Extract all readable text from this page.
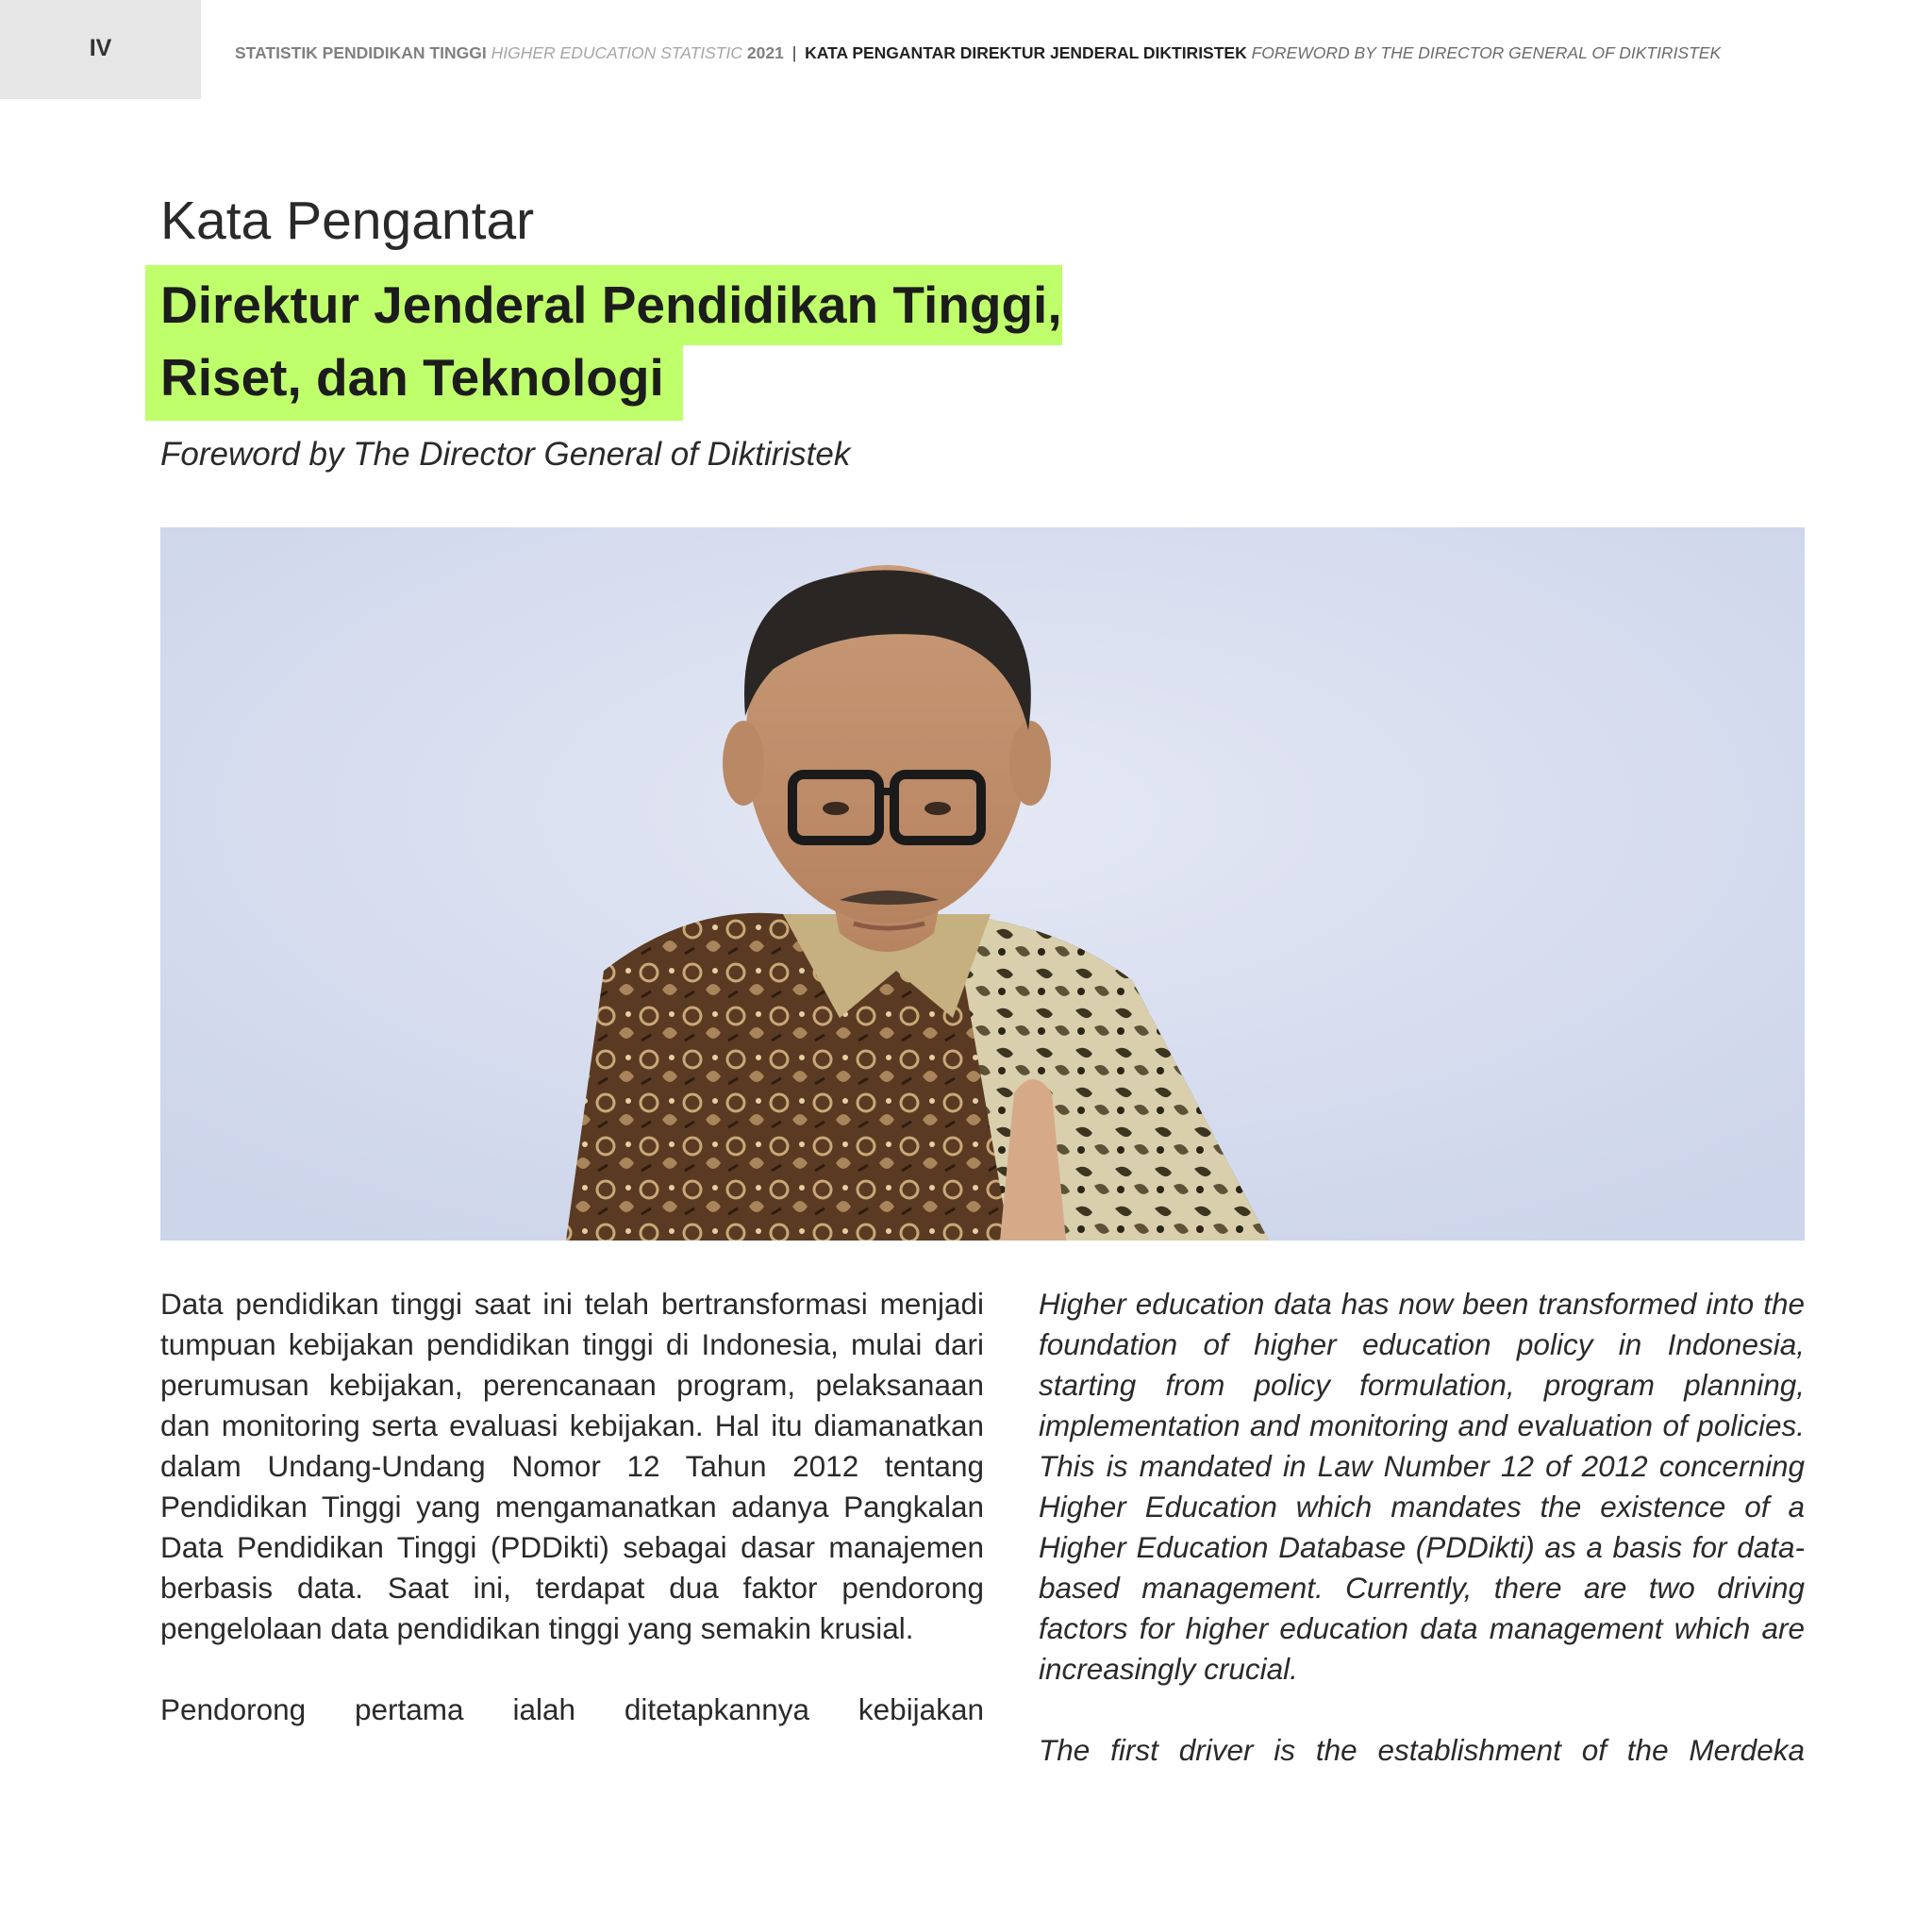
IV	STATISTIK PENDIDIKAN TINGGI HIGHER EDUCATION STATISTIC 2021 | KATA PENGANTAR DIREKTUR JENDERAL DIKTIRISTEK FOREWORD BY THE DIRECTOR GENERAL OF DIKTIRISTEK
Kata Pengantar
Direktur Jenderal Pendidikan Tinggi,
Riset, dan Teknologi
Foreword by The Director General of Diktiristek

Data pendidikan tinggi saat ini telah bertransformasi menjadi tumpuan kebijakan pendidikan tinggi di Indonesia, mulai dari perumusan kebijakan, perencanaan program, pelaksanaan dan monitoring serta evaluasi kebijakan. Hal itu diamanatkan dalam Undang-Undang Nomor 12 Tahun 2012 tentang Pendidikan Tinggi yang mengamanatkan adanya Pangkalan Data Pendidikan Tinggi (PDDikti) sebagai dasar manajemen berbasis data. Saat ini, terdapat dua faktor pendorong pengelolaan data pendidikan tinggi yang semakin krusial.

Pendorong pertama ialah ditetapkannya kebijakan

Higher education data has now been transformed into the foundation of higher education policy in Indonesia, starting from policy formulation, program planning, implementation and monitoring and evaluation of policies. This is mandated in Law Number 12 of 2012 concerning Higher Education which mandates the existence of a Higher Education Database (PDDikti) as a basis for data-based management. Currently, there are two driving factors for higher education data management which are increasingly crucial.

The first driver is the establishment of the Merdeka
